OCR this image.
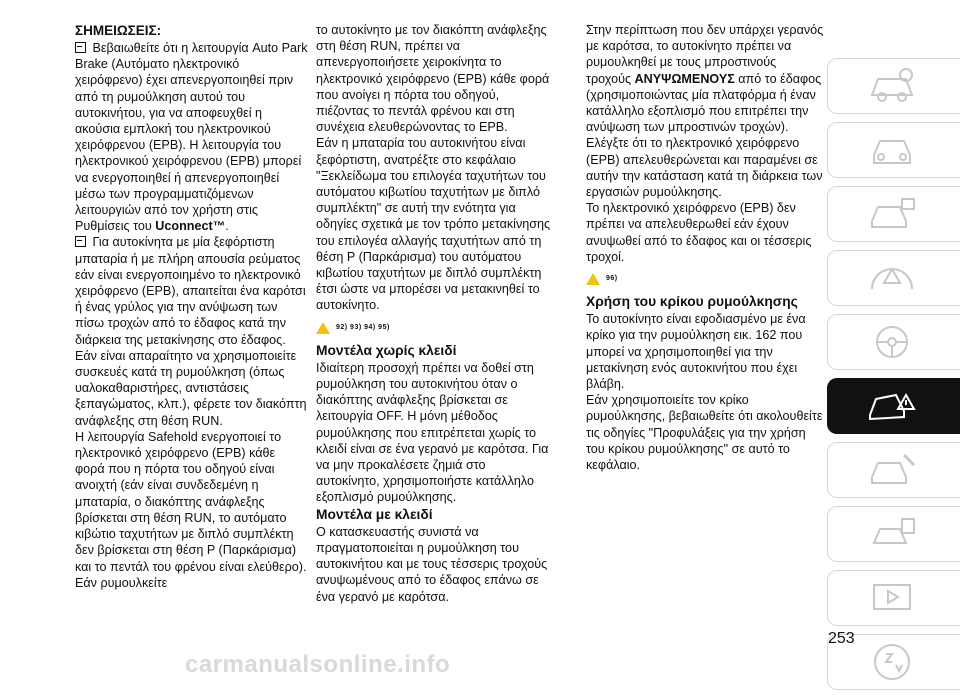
ΣΗΜΕΙΩΣΕΙΣ:

Βεβαιωθείτε ότι η λειτουργία Auto Park Brake (Αυτόματο ηλεκτρονικό χειρόφρενο) έχει απενεργοποιηθεί πριν από τη ρυμούλκηση αυτού του αυτοκινήτου, για να αποφευχθεί η ακούσια εμπλοκή του ηλεκτρονικού χειρόφρενου (EPB). Η λειτουργία του ηλεκτρονικού χειρόφρενου (EPB) μπορεί να ενεργοποιηθεί ή απενεργοποιηθεί μέσω των προγραμματιζόμενων λειτουργιών από τον χρήστη στις Ρυθμίσεις του Uconnect™.

Για αυτοκίνητα με μία ξεφόρτιστη μπαταρία ή με πλήρη απουσία ρεύματος εάν είναι ενεργοποιημένο το ηλεκτρονικό χειρόφρενο (EPB), απαιτείται ένα καρότσι ή ένας γρύλος για την ανύψωση των πίσω τροχών από το έδαφος κατά την διάρκεια της μετακίνησης στο έδαφος.

Εάν είναι απαραίτητο να χρησιμοποιείτε συσκευές κατά τη ρυμούλκηση (όπως υαλοκαθαριστήρες, αντιστάσεις ξεπαγώματος, κλπ.), φέρετε τον διακόπτη ανάφλεξης στη θέση RUN.

Η λειτουργία Safehold ενεργοποιεί το ηλεκτρονικό χειρόφρενο (EPB) κάθε φορά που η πόρτα του οδηγού είναι ανοιχτή (εάν είναι συνδεδεμένη η μπαταρία, ο διακόπτης ανάφλεξης βρίσκεται στη θέση RUN, το αυτόματο κιβώτιο ταχυτήτων με διπλό συμπλέκτη δεν βρίσκεται στη θέση P (Παρκάρισμα) και το πεντάλ του φρένου είναι ελεύθερο). Εάν ρυμουλκείτε

το αυτοκίνητο με τον διακόπτη ανάφλεξης στη θέση RUN, πρέπει να απενεργοποιήσετε χειροκίνητα το ηλεκτρονικό χειρόφρενο (EPB) κάθε φορά που ανοίγει η πόρτα του οδηγού, πιέζοντας το πεντάλ φρένου και στη συνέχεια ελευθερώνοντας το EPB.

Εάν η μπαταρία του αυτοκινήτου είναι ξεφόρτιστη, ανατρέξτε στο κεφάλαιο "Ξεκλείδωμα του επιλογέα ταχυτήτων του αυτόματου κιβωτίου ταχυτήτων με διπλό συμπλέκτη" σε αυτή την ενότητα για οδηγίες σχετικά με τον τρόπο μετακίνησης του επιλογέα αλλαγής ταχυτήτων από τη θέση P (Παρκάρισμα) του αυτόματου κιβωτίου ταχυτήτων με διπλό συμπλέκτη έτσι ώστε να μπορέσει να μετακινηθεί το αυτοκίνητο.

92) 93) 94) 95)

Μοντέλα χωρίς κλειδί

Ιδιαίτερη προσοχή πρέπει να δοθεί στη ρυμούλκηση του αυτοκινήτου όταν ο διακόπτης ανάφλεξης βρίσκεται σε λειτουργία OFF. Η μόνη μέθοδος ρυμούλκησης που επιτρέπεται χωρίς το κλειδί είναι σε ένα γερανό με καρότσα. Για να μην προκαλέσετε ζημιά στο αυτοκίνητο, χρησιμοποιήστε κατάλληλο εξοπλισμό ρυμούλκησης.

Μοντέλα με κλειδί

Ο κατασκευαστής συνιστά να πραγματοποιείται η ρυμούλκηση του αυτοκινήτου και με τους τέσσερις τροχούς ανυψωμένους από το έδαφος επάνω σε ένα γερανό με καρότσα.

Στην περίπτωση που δεν υπάρχει γερανός με καρότσα, το αυτοκίνητο πρέπει να ρυμουλκηθεί με τους μπροστινούς τροχούς ΑΝΥΨΩΜΕΝΟΥΣ από το έδαφος (χρησιμοποιώντας μία πλατφόρμα ή έναν κατάλληλο εξοπλισμό που επιτρέπει την ανύψωση των μπροστινών τροχών).

Ελέγξτε ότι το ηλεκτρονικό χειρόφρενο (EPB) απελευθερώνεται και παραμένει σε αυτήν την κατάσταση κατά τη διάρκεια των εργασιών ρυμούλκησης.

Το ηλεκτρονικό χειρόφρενο (EPB) δεν πρέπει να απελευθερωθεί εάν έχουν ανυψωθεί από το έδαφος και οι τέσσερις τροχοί.

96)

Χρήση του κρίκου ρυμούλκησης

Το αυτοκίνητο είναι εφοδιασμένο με ένα κρίκο για την ρυμούλκηση εικ. 162 που μπορεί να χρησιμοποιηθεί για την μετακίνηση ενός αυτοκινήτου που έχει βλάβη.

Εάν χρησιμοποιείτε τον κρίκο ρυμούλκησης, βεβαιωθείτε ότι ακολουθείτε τις οδηγίες "Προφυλάξεις για την χρήση του κρίκου ρυμούλκησης" σε αυτό το κεφάλαιο.

253
carmanualsonline.info
